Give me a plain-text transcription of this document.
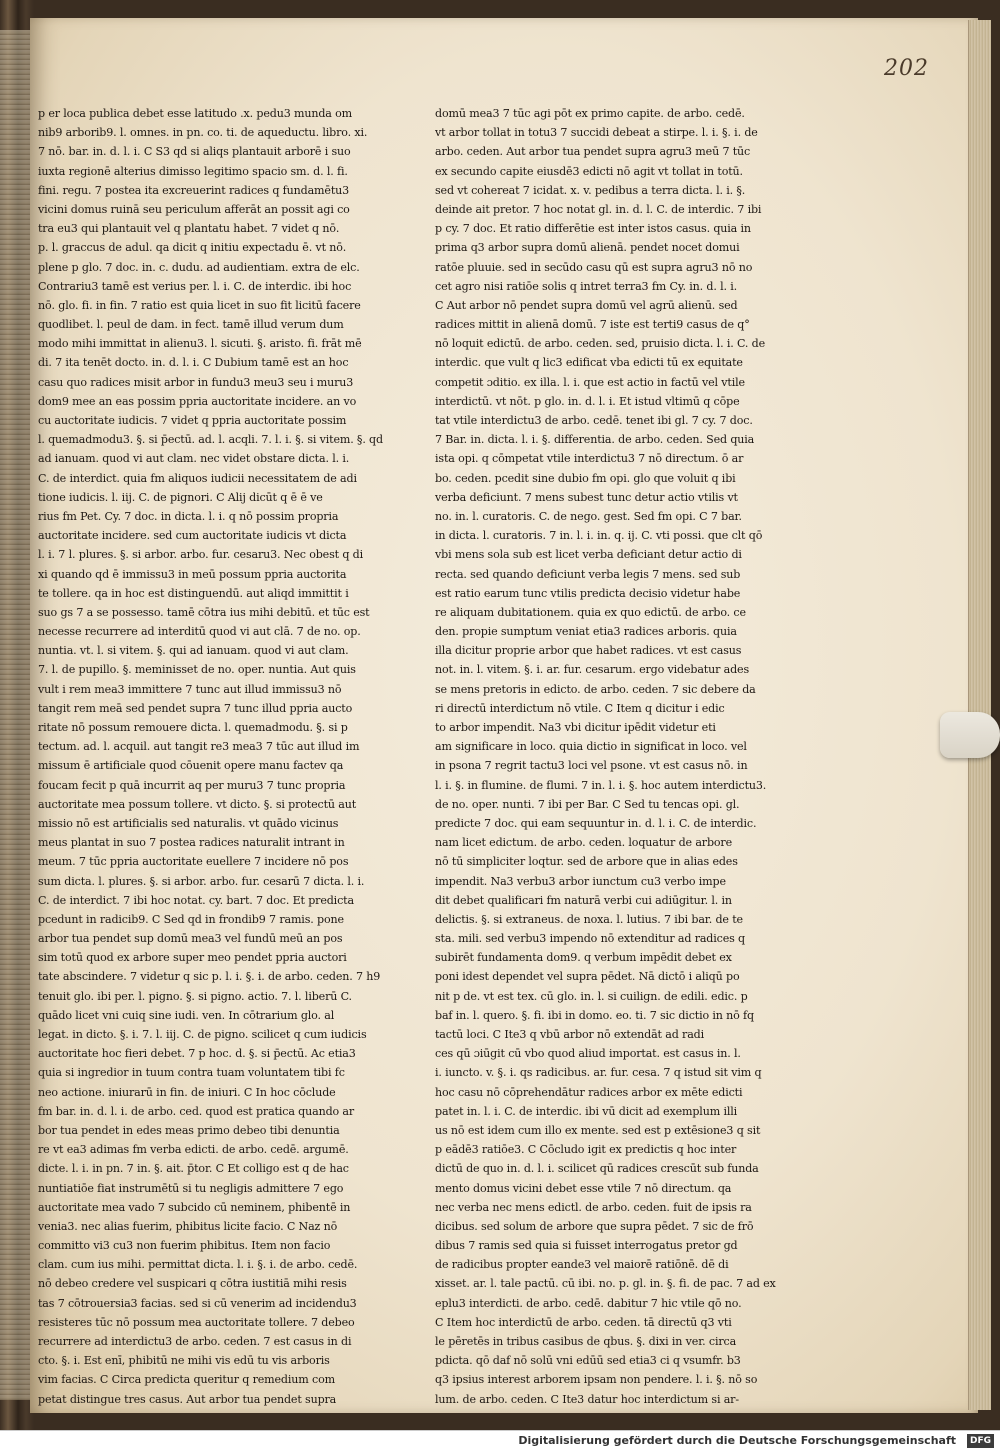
202
p er loca publica debet esse latitudo .x. pedu3 munda om
nib9 arborib9. l. omnes. in pn. co. ti. de aqueductu. libro. xi.
7 nō. bar. in. d. l. i. C S3 qd si aliqs plantauit arborē i suo
iuxta regionē alterius dimisso legitimo spacio sm. d. l. fi.
fini. regu. 7 postea ita excreuerint radices q fundamētu3
vicini domus ruinā seu periculum afferāt an possit agi co
tra eu3 qui plantauit vel q plantatu habet. 7 videt q nō.
p. l. graccus de adul. qa dicit q initiu expectadu ē. vt nō.
plene p glo. 7 doc. in. c. dudu. ad audientiam. extra de elc.
Contrariu3 tamē est verius per. l. i. C. de interdic. ibi hoc
nō. glo. fi. in fin. 7 ratio est quia licet in suo fit licitū facere
quodlibet. l. peul de dam. in fect. tamē illud verum dum
modo mihi immittat in alienu3. l. sicuti. §. aristo. fi. frāt mē
di. 7 ita tenēt docto. in. d. l. i. C Dubium tamē est an hoc
casu quo radices misit arbor in fundu3 meu3 seu i muru3
dom9 mee an eas possim ppria auctoritate incidere. an vo
cu auctoritate iudicis. 7 videt q ppria auctoritate possim
l. quemadmodu3. §. si p̄ectū. ad. l. acqli. 7. l. i. §. si vitem. §. qd
ad ianuam. quod vi aut clam. nec videt obstare dicta. l. i.
C. de interdict. quia fm aliquos iudicii necessitatem de adi
tione iudicis. l. iij. C. de pignori. C Alij dicūt q ē ē ve
rius fm Pet. Cy. 7 doc. in dicta. l. i. q nō possim propria
auctoritate incidere. sed cum auctoritate iudicis vt dicta
l. i. 7 l. plures. §. si arbor. arbo. fur. cesaru3. Nec obest q di
xi quando qd ē immissu3 in meū possum ppria auctorita
te tollere. qa in hoc est distinguendū. aut aliqd immittit i
suo gs 7 a se possesso. tamē cōtra ius mihi debitū. et tūc est
necesse recurrere ad interditū quod vi aut clā. 7 de no. op.
nuntia. vt. l. si vitem. §. qui ad ianuam. quod vi aut clam.
7. l. de pupillo. §. meminisset de no. oper. nuntia. Aut quis
vult i rem mea3 immittere 7 tunc aut illud immissu3 nō
tangit rem meā sed pendet supra 7 tunc illud ppria aucto
ritate nō possum remouere dicta. l. quemadmodu. §. si p
tectum. ad. l. acquil. aut tangit re3 mea3 7 tūc aut illud im
missum ē artificiale quod cōuenit opere manu factev qa
foucam fecit p quā incurrit aq per muru3 7 tunc propria
auctoritate mea possum tollere. vt dicto. §. si protectū aut
missio nō est artificialis sed naturalis. vt quādo vicinus
meus plantat in suo 7 postea radices naturalit intrant in
meum. 7 tūc ppria auctoritate euellere 7 incidere nō pos
sum dicta. l. plures. §. si arbor. arbo. fur. cesarū 7 dicta. l. i.
C. de interdict. 7 ibi hoc notat. cy. bart. 7 doc. Et predicta
pcedunt in radicib9. C Sed qd in frondib9 7 ramis. pone
arbor tua pendet sup domū mea3 vel fundū meū an pos
sim totū quod ex arbore super meo pendet ppria auctori
tate abscindere. 7 videtur q sic p. l. i. §. i. de arbo. ceden. 7 h9
tenuit glo. ibi per. l. pigno. §. si pigno. actio. 7. l. liberū C.
quādo licet vni cuiq sine iudi. ven. In cōtrarium glo. al
legat. in dicto. §. i. 7. l. iij. C. de pigno. scilicet q cum iudicis
auctoritate hoc fieri debet. 7 p hoc. d. §. si p̄ectū. Ac etia3
quia si ingredior in tuum contra tuam voluntatem tibi fc
neo actione. iniurarū in fin. de iniuri. C In hoc cōclude
fm bar. in. d. l. i. de arbo. ced. quod est pratica quando ar
bor tua pendet in edes meas primo debeo tibi denuntia
re vt ea3 adimas fm verba edicti. de arbo. cedē. argumē.
dicte. l. i. in pn. 7 in. §. ait. p̄tor. C Et colligo est q de hac
nuntiatiōe fiat instrumētū si tu negligis admittere 7 ego
auctoritate mea vado 7 subcido cū neminem, phibentē in
venia3. nec alias fuerim, phibitus licite facio. C Naz nō
committo vi3 cu3 non fuerim phibitus. Item non facio
clam. cum ius mihi. permittat dicta. l. i. §. i. de arbo. cedē.
nō debeo credere vel suspicari q cōtra iustitiā mihi resis
tas 7 cōtrouersia3 facias. sed si cū venerim ad incidendu3
resisteres tūc nō possum mea auctoritate tollere. 7 debeo
recurrere ad interdictu3 de arbo. ceden. 7 est casus in di
cto. §. i. Est enī, phibitū ne mihi vis edū tu vis arboris
vim facias. C Circa predicta queritur q remedium com
petat distingue tres casus. Aut arbor tua pendet supra
domū mea3 7 tūc agi pōt ex primo capite. de arbo. cedē.
vt arbor tollat in totu3 7 succidi debeat a stirpe. l. i. §. i. de
arbo. ceden. Aut arbor tua pendet supra agru3 meū 7 tūc
ex secundo capite eiusdē3 edicti nō agit vt tollat in totū.
sed vt cohereat 7 icidat. x. v. pedibus a terra dicta. l. i. §.
deinde ait pretor. 7 hoc notat gl. in. d. l. C. de interdic. 7 ibi
p cy. 7 doc. Et ratio differētie est inter istos casus. quia in
prima q3 arbor supra domū alienā. pendet nocet domui
ratōe pluuie. sed in secūdo casu qū est supra agru3 nō no
cet agro nisi ratiōe solis q intret terra3 fm Cy. in. d. l. i.
C Aut arbor nō pendet supra domū vel agrū alienū. sed
radices mittit in alienā domū. 7 iste est terti9 casus de q°
nō loquit edictū. de arbo. ceden. sed, pruisio dicta. l. i. C. de
interdic. que vult q lic3 edificat vba edicti tū ex equitate
competit ɔditio. ex illa. l. i. que est actio in factū vel vtile
interdictū. vt nōt. p glo. in. d. l. i. Et istud vltimū q cōpe
tat vtile interdictu3 de arbo. cedē. tenet ibi gl. 7 cy. 7 doc.
7 Bar. in. dicta. l. i. §. differentia. de arbo. ceden. Sed quia
ista opi. q cōmpetat vtile interdictu3 7 nō directum. ō ar
bo. ceden. pcedit sine dubio fm opi. glo que voluit q ibi
verba deficiunt. 7 mens subest tunc detur actio vtilis vt
no. in. l. curatoris. C. de nego. gest. Sed fm opi. C 7 bar.
in dicta. l. curatoris. 7 in. l. i. in. q. ij. C. vti possi. que clt qō
vbi mens sola sub est licet verba deficiant detur actio di
recta. sed quando deficiunt verba legis 7 mens. sed sub
est ratio earum tunc vtilis predicta decisio videtur habe
re aliquam dubitationem. quia ex quo edictū. de arbo. ce
den. propie sumptum veniat etia3 radices arboris. quia
illa dicitur proprie arbor que habet radices. vt est casus
not. in. l. vitem. §. i. ar. fur. cesarum. ergo videbatur ades
se mens pretoris in edicto. de arbo. ceden. 7 sic debere da
ri directū interdictum nō vtile. C Item q dicitur i edic
to arbor impendit. Na3 vbi dicitur ipēdit videtur eti
am significare in loco. quia dictio in significat in loco. vel
in psona 7 regrit tactu3 loci vel psone. vt est casus nō. in
l. i. §. in flumine. de flumi. 7 in. l. i. §. hoc autem interdictu3.
de no. oper. nunti. 7 ibi per Bar. C Sed tu tencas opi. gl.
predicte 7 doc. qui eam sequuntur in. d. l. i. C. de interdic.
nam licet edictum. de arbo. ceden. loquatur de arbore
nō tū simpliciter loqtur. sed de arbore que in alias edes
impendit. Na3 verbu3 arbor iunctum cu3 verbo impe
dit debet qualificari fm naturā verbi cui adiūgitur. l. in
delictis. §. si extraneus. de noxa. l. lutius. 7 ibi bar. de te
sta. mili. sed verbu3 impendo nō extenditur ad radices q
subirēt fundamenta dom9. q verbum impēdit debet ex
poni idest dependet vel supra pēdet. Nā dictō i aliqū po
nit p de. vt est tex. cū glo. in. l. si cuilign. de edili. edic. p
baf in. l. quero. §. fi. ibi in domo. eo. ti. 7 sic dictio in nō fq
tactū loci. C Ite3 q vbū arbor nō extendāt ad radi
ces qū ɔiūgit cū vbo quod aliud importat. est casus in. l.
i. iuncto. v. §. i. qs radicibus. ar. fur. cesa. 7 q istud sit vim q
hoc casu nō cōprehendātur radices arbor ex mēte edicti
patet in. l. i. C. de interdic. ibi vū dicit ad exemplum illi
us nō est idem cum illo ex mente. sed est p extēsione3 q sit
p eādē3 ratiōe3. C Cōcludo igit ex predictis q hoc inter
dictū de quo in. d. l. i. scilicet qū radices crescūt sub funda
mento domus vicini debet esse vtile 7 nō directum. qa
nec verba nec mens edictl. de arbo. ceden. fuit de ipsis ra
dicibus. sed solum de arbore que supra pēdet. 7 sic de frō
dibus 7 ramis sed quia si fuisset interrogatus pretor gd
de radicibus propter eande3 vel maiorē ratiōnē. dē di
xisset. ar. l. tale pactū. cū ibi. no. p. gl. in. §. fi. de pac. 7 ad ex
eplu3 interdicti. de arbo. cedē. dabitur 7 hic vtile qō no.
C Item hoc interdictū de arbo. ceden. tā directū q3 vti
le pēretēs in tribus casibus de qbus. §. dixi in ver. circa
pdicta. qō daf nō solū vni edūū sed etia3 ci q vsumfr. b3
q3 ipsius interest arborem ipsam non pendere. l. i. §. nō so
lum. de arbo. ceden. C Ite3 datur hoc interdictum si ar-
Digitalisierung gefördert durch die Deutsche Forschungsgemeinschaft	DFG
